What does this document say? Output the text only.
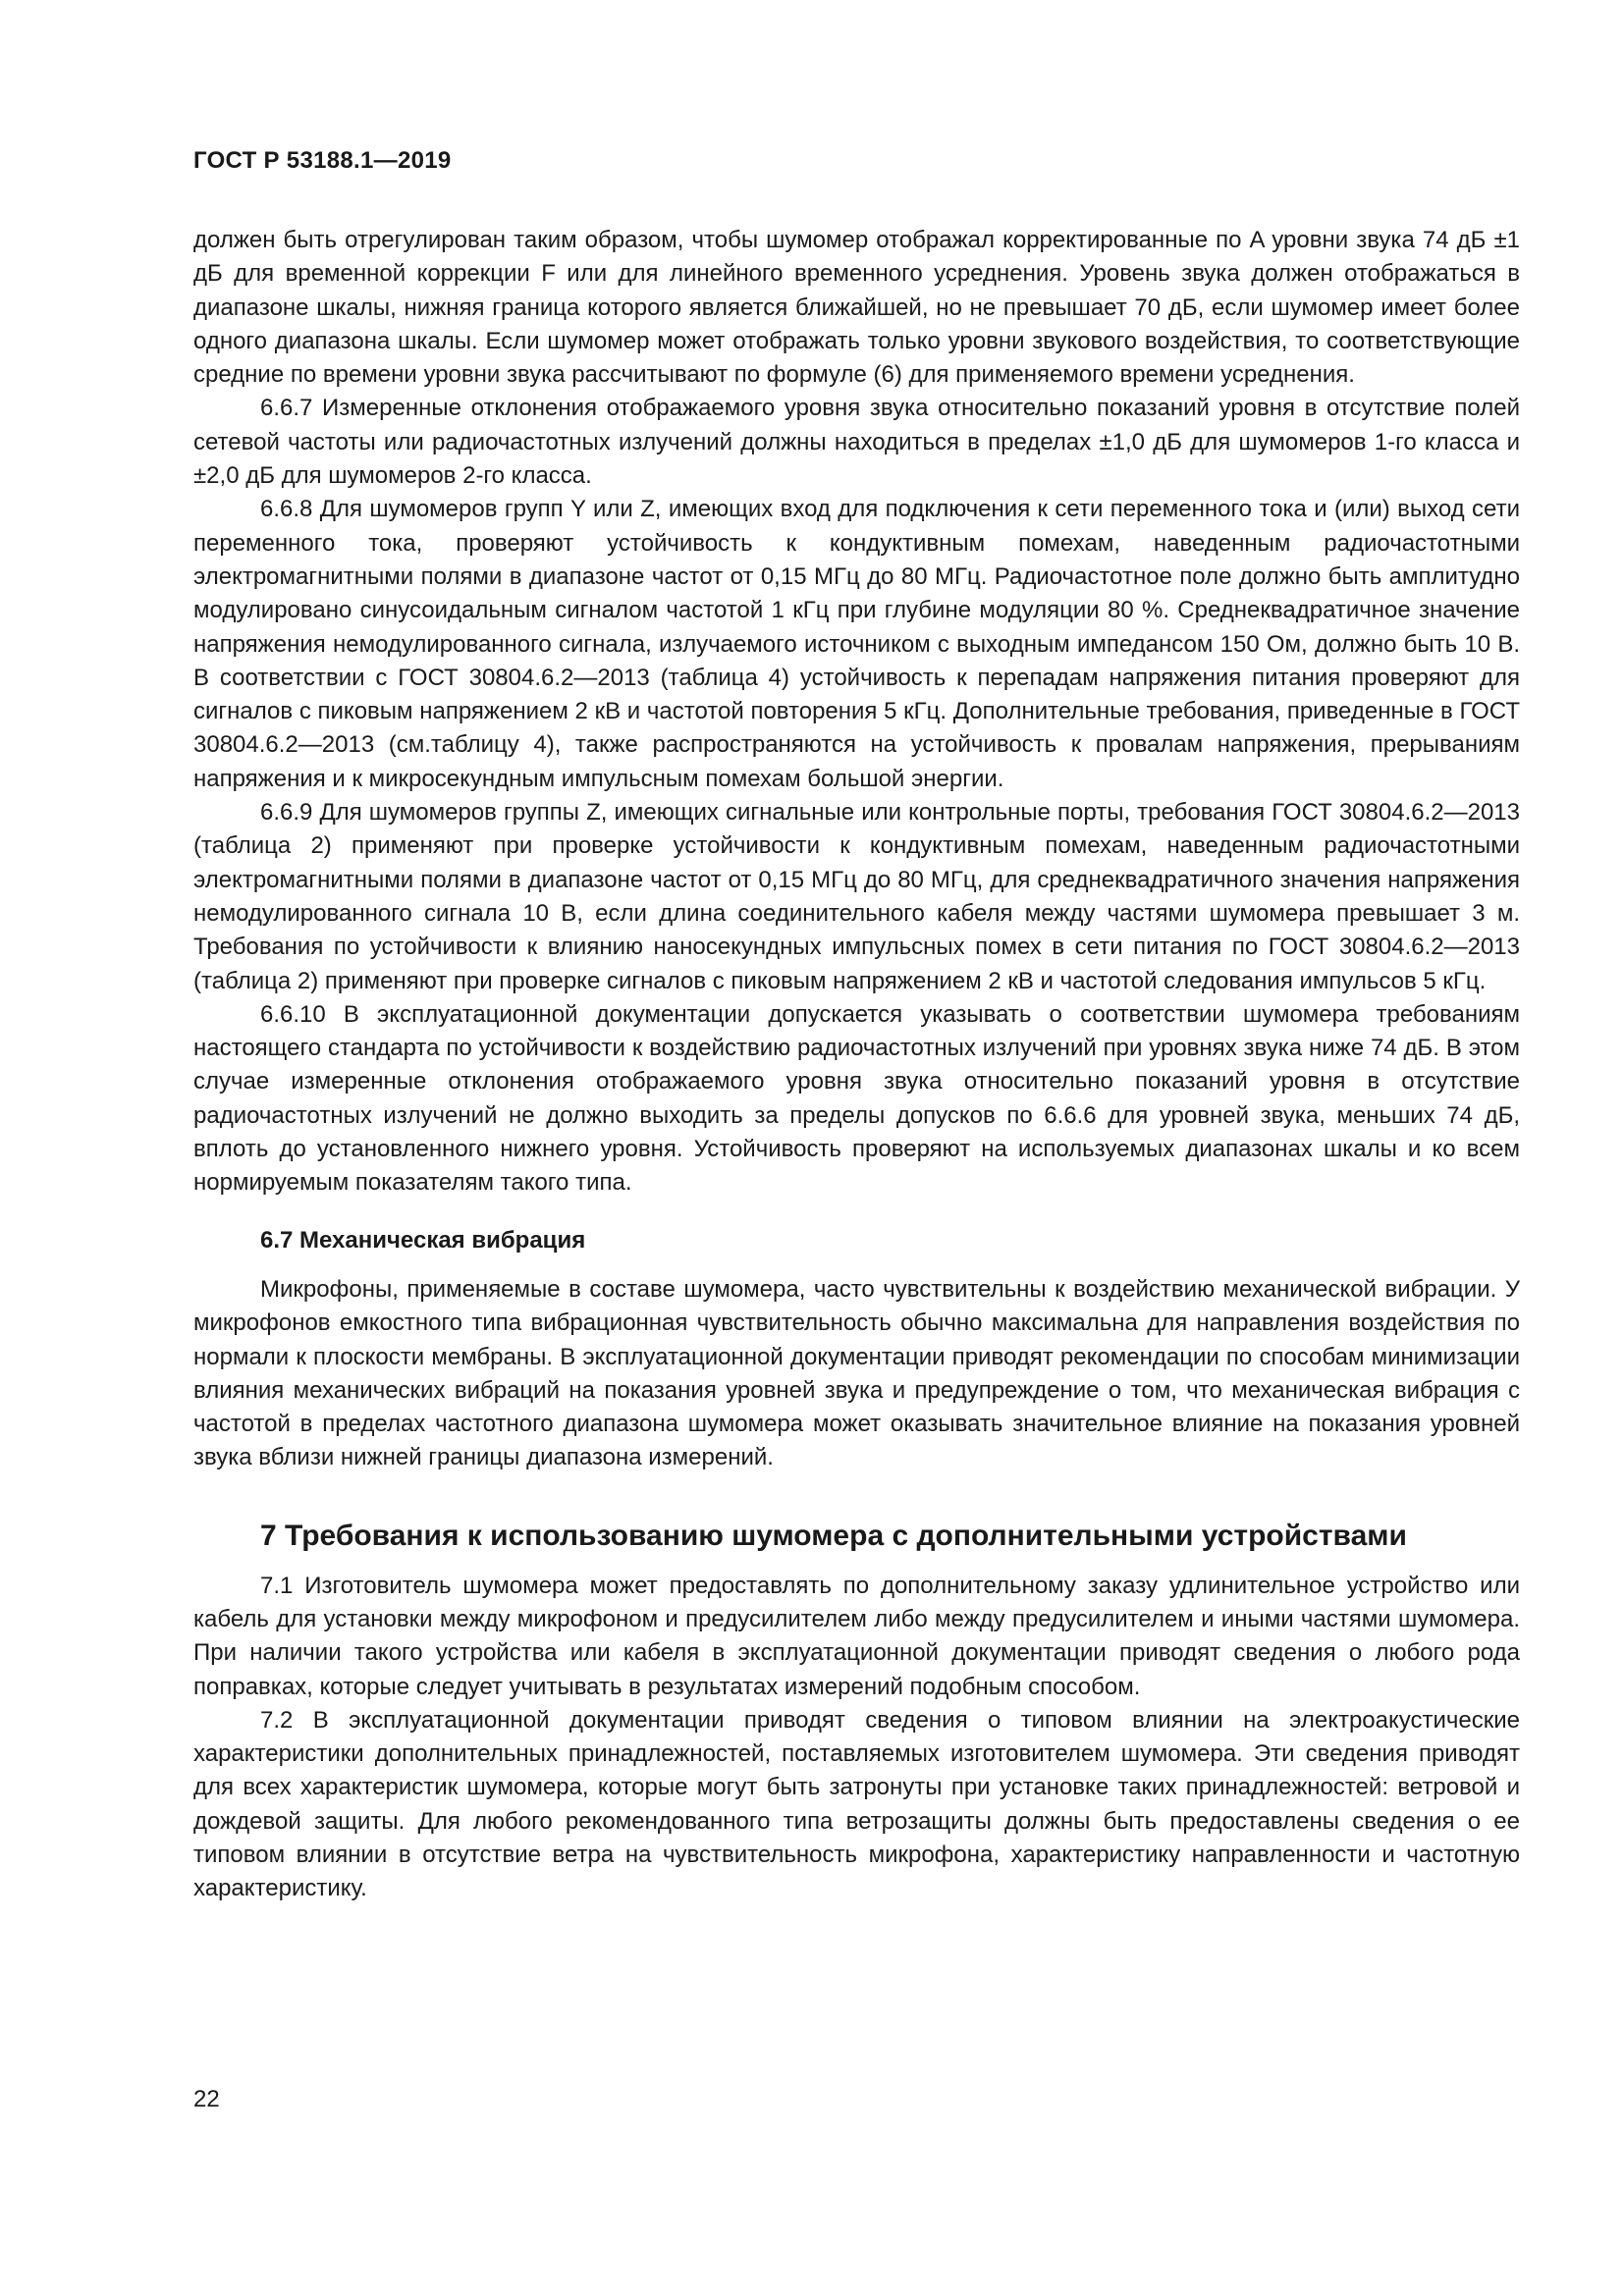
ГОСТ Р 53188.1—2019

должен быть отрегулирован таким образом, чтобы шумомер отображал корректированные по A уровни звука 74 дБ ±1 дБ для временной коррекции F или для линейного временного усреднения. Уровень звука должен отображаться в диапазоне шкалы, нижняя граница которого является ближайшей, но не превышает 70 дБ, если шумомер имеет более одного диапазона шкалы. Если шумомер может отображать только уровни звукового воздействия, то соответствующие средние по времени уровни звука рассчитывают по формуле (6) для применяемого времени усреднения.

6.6.7 Измеренные отклонения отображаемого уровня звука относительно показаний уровня в отсутствие полей сетевой частоты или радиочастотных излучений должны находиться в пределах ±1,0 дБ для шумомеров 1-го класса и ±2,0 дБ для шумомеров 2-го класса.

6.6.8 Для шумомеров групп Y или Z, имеющих вход для подключения к сети переменного тока и (или) выход сети переменного тока, проверяют устойчивость к кондуктивным помехам, наведенным радиочастотными электромагнитными полями в диапазоне частот от 0,15 МГц до 80 МГц. Радиочастотное поле должно быть амплитудно модулировано синусоидальным сигналом частотой 1 кГц при глубине модуляции 80 %. Среднеквадратичное значение напряжения немодулированного сигнала, излучаемого источником с выходным импедансом 150 Ом, должно быть 10 В. В соответствии с ГОСТ 30804.6.2—2013 (таблица 4) устойчивость к перепадам напряжения питания проверяют для сигналов с пиковым напряжением 2 кВ и частотой повторения 5 кГц. Дополнительные требования, приведенные в ГОСТ 30804.6.2—2013 (см.таблицу 4), также распространяются на устойчивость к провалам напряжения, прерываниям напряжения и к микросекундным импульсным помехам большой энергии.

6.6.9 Для шумомеров группы Z, имеющих сигнальные или контрольные порты, требования ГОСТ 30804.6.2—2013 (таблица 2) применяют при проверке устойчивости к кондуктивным помехам, наведенным радиочастотными электромагнитными полями в диапазоне частот от 0,15 МГц до 80 МГц, для среднеквадратичного значения напряжения немодулированного сигнала 10 В, если длина соединительного кабеля между частями шумомера превышает 3 м. Требования по устойчивости к влиянию наносекундных импульсных помех в сети питания по ГОСТ 30804.6.2—2013 (таблица 2) применяют при проверке сигналов с пиковым напряжением 2 кВ и частотой следования импульсов 5 кГц.

6.6.10 В эксплуатационной документации допускается указывать о соответствии шумомера требованиям настоящего стандарта по устойчивости к воздействию радиочастотных излучений при уровнях звука ниже 74 дБ. В этом случае измеренные отклонения отображаемого уровня звука относительно показаний уровня в отсутствие радиочастотных излучений не должно выходить за пределы допусков по 6.6.6 для уровней звука, меньших 74 дБ, вплоть до установленного нижнего уровня. Устойчивость проверяют на используемых диапазонах шкалы и ко всем нормируемым показателям такого типа.

6.7 Механическая вибрация

Микрофоны, применяемые в составе шумомера, часто чувствительны к воздействию механической вибрации. У микрофонов емкостного типа вибрационная чувствительность обычно максимальна для направления воздействия по нормали к плоскости мембраны. В эксплуатационной документации приводят рекомендации по способам минимизации влияния механических вибраций на показания уровней звука и предупреждение о том, что механическая вибрация с частотой в пределах частотного диапазона шумомера может оказывать значительное влияние на показания уровней звука вблизи нижней границы диапазона измерений.

7 Требования к использованию шумомера с дополнительными устройствами

7.1 Изготовитель шумомера может предоставлять по дополнительному заказу удлинительное устройство или кабель для установки между микрофоном и предусилителем либо между предусилителем и иными частями шумомера. При наличии такого устройства или кабеля в эксплуатационной документации приводят сведения о любого рода поправках, которые следует учитывать в результатах измерений подобным способом.

7.2 В эксплуатационной документации приводят сведения о типовом влиянии на электроакустические характеристики дополнительных принадлежностей, поставляемых изготовителем шумомера. Эти сведения приводят для всех характеристик шумомера, которые могут быть затронуты при установке таких принадлежностей: ветровой и дождевой защиты. Для любого рекомендованного типа ветрозащиты должны быть предоставлены сведения о ее типовом влиянии в отсутствие ветра на чувствительность микрофона, характеристику направленности и частотную характеристику.

22
